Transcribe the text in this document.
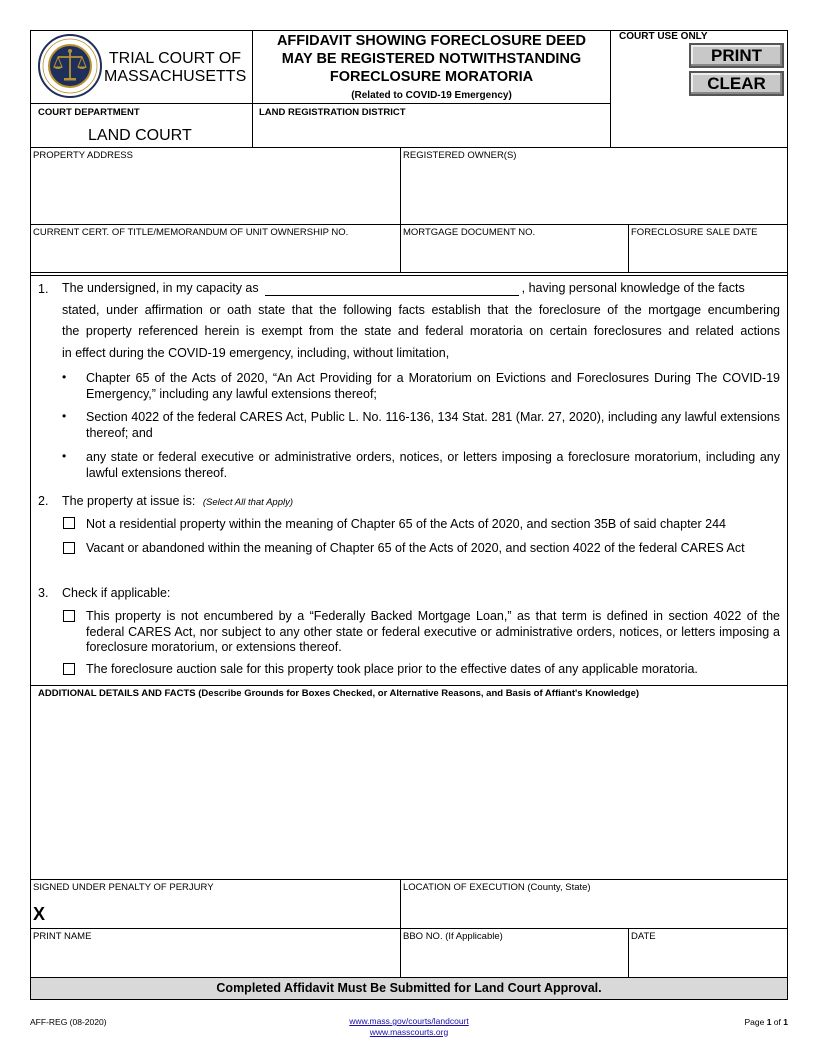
TRIAL COURT OF
MASSACHUSETTS
AFFIDAVIT SHOWING FORECLOSURE DEED
MAY BE REGISTERED NOTWITHSTANDING
FORECLOSURE MORATORIA
(Related to COVID-19 Emergency)
COURT USE ONLY
PRINT
CLEAR
COURT DEPARTMENT
LAND COURT
LAND REGISTRATION DISTRICT
PROPERTY ADDRESS	REGISTERED OWNER(S)
CURRENT CERT. OF TITLE/MEMORANDUM OF UNIT OWNERSHIP NO.	MORTGAGE DOCUMENT NO.	FORECLOSURE SALE DATE
1. The undersigned, in my capacity as	, having personal knowledge of the facts
stated, under affirmation or oath state that the following facts establish that the foreclosure of the mortgage encumbering
the property referenced herein is exempt from the state and federal moratoria on certain foreclosures and related actions
in effect during the COVID-19 emergency, including, without limitation,
• Chapter 65 of the Acts of 2020, “An Act Providing for a Moratorium on Evictions and Foreclosures During The COVID-19 Emergency,” including any lawful extensions thereof;
• Section 4022 of the federal CARES Act, Public L. No. 116-136, 134 Stat. 281 (Mar. 27, 2020), including any lawful extensions thereof; and
• any state or federal executive or administrative orders, notices, or letters imposing a foreclosure moratorium, including any lawful extensions thereof.
2. The property at issue is: (Select All that Apply)
Not a residential property within the meaning of Chapter 65 of the Acts of 2020, and section 35B of said chapter 244
Vacant or abandoned within the meaning of Chapter 65 of the Acts of 2020, and section 4022 of the federal CARES Act
3. Check if applicable:
This property is not encumbered by a “Federally Backed Mortgage Loan,” as that term is defined in section 4022 of the federal CARES Act, nor subject to any other state or federal executive or administrative orders, notices, or letters imposing a foreclosure moratorium, or extensions thereof.
The foreclosure auction sale for this property took place prior to the effective dates of any applicable moratoria.
ADDITIONAL DETAILS AND FACTS (Describe Grounds for Boxes Checked, or Alternative Reasons, and Basis of Affiant's Knowledge)
SIGNED UNDER PENALTY OF PERJURY
X
LOCATION OF EXECUTION (County, State)
PRINT NAME	BBO NO. (If Applicable)	DATE
Completed Affidavit Must Be Submitted for Land Court Approval.
AFF-REG (08-2020)	www.mass.gov/courts/landcourt
www.masscourts.org
Page 1 of 1
